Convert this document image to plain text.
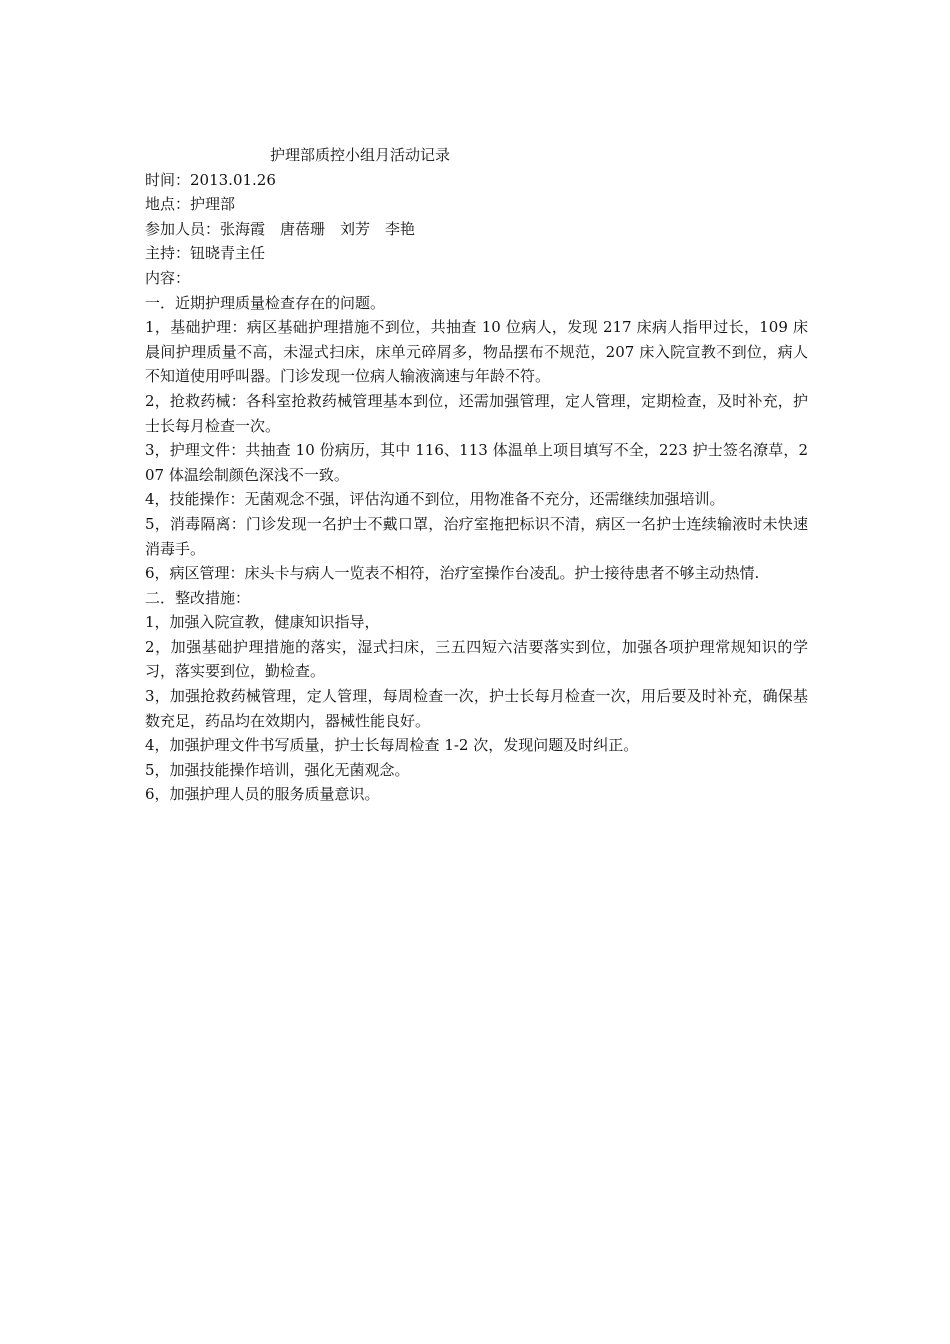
护理部质控小组月活动记录

时间：2013.01.26

地点：护理部

参加人员：张海霞　唐蓓珊　刘芳　李艳

主持：钮晓青主任

内容：

一．近期护理质量检查存在的问题。

1，基础护理：病区基础护理措施不到位，共抽查 10 位病人，发现 217 床病人指甲过长，109 床晨间护理质量不高，未湿式扫床，床单元碎屑多，物品摆布不规范，207 床入院宣教不到位，病人不知道使用呼叫器。门诊发现一位病人输液滴速与年龄不符。

2，抢救药械：各科室抢救药械管理基本到位，还需加强管理，定人管理，定期检查，及时补充，护士长每月检查一次。

3，护理文件：共抽查 10 份病历，其中 116、113 体温单上项目填写不全，223 护士签名潦草，207 体温绘制颜色深浅不一致。

4，技能操作：无菌观念不强，评估沟通不到位，用物准备不充分，还需继续加强培训。

5，消毒隔离：门诊发现一名护士不戴口罩，治疗室拖把标识不清，病区一名护士连续输液时未快速消毒手。

6，病区管理：床头卡与病人一览表不相符，治疗室操作台凌乱。护士接待患者不够主动热情.

二．整改措施：

1，加强入院宣教，健康知识指导，

2，加强基础护理措施的落实，湿式扫床，三五四短六洁要落实到位，加强各项护理常规知识的学习，落实要到位，勤检查。

3，加强抢救药械管理，定人管理，每周检查一次，护士长每月检查一次，用后要及时补充，确保基数充足，药品均在效期内，器械性能良好。

4，加强护理文件书写质量，护士长每周检查 1-2 次，发现问题及时纠正。

5，加强技能操作培训，强化无菌观念。

6，加强护理人员的服务质量意识。
